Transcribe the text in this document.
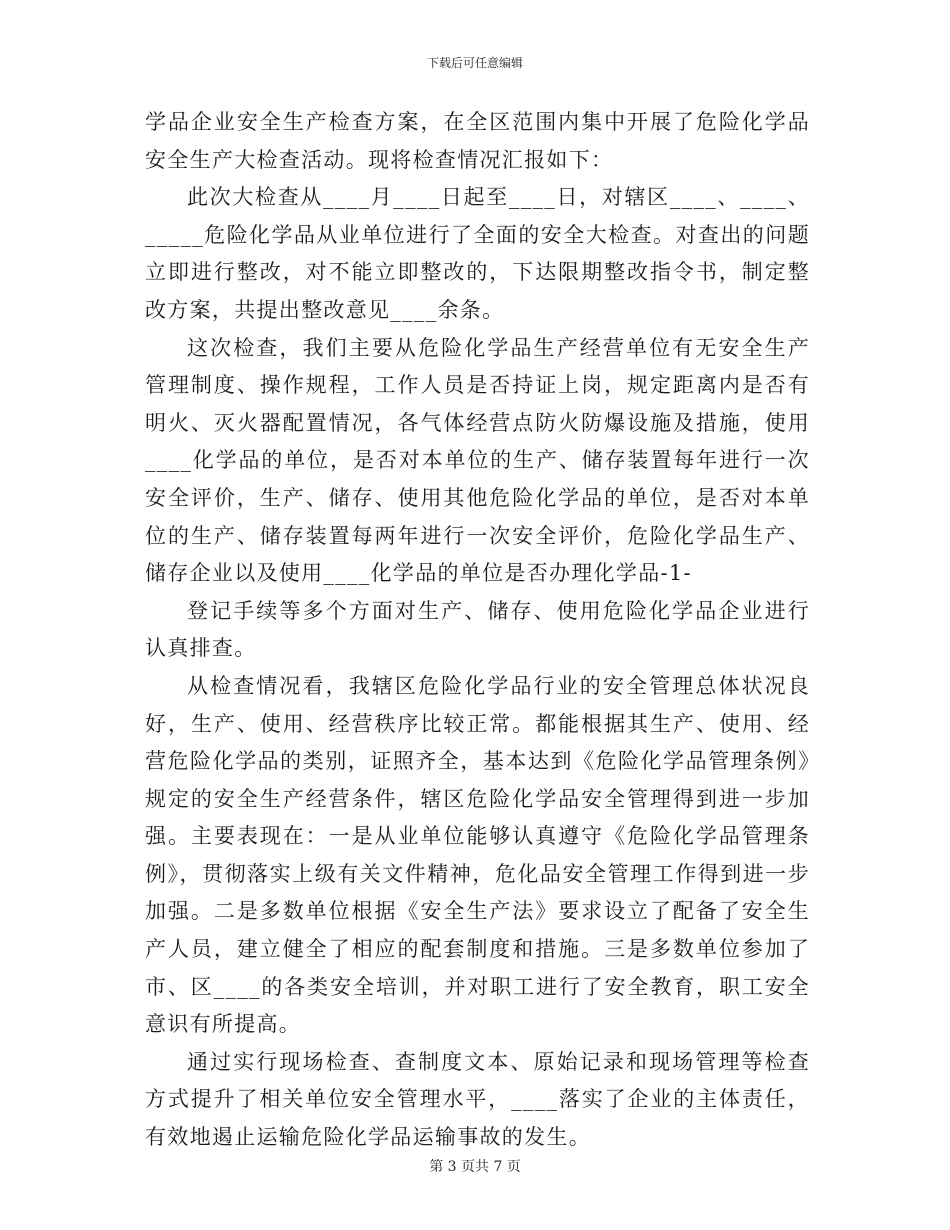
下载后可任意编辑

学品企业安全生产检查方案，在全区范围内集中开展了危险化学品安全生产大检查活动。现将检查情况汇报如下：

此次大检查从____月____日起至____日，对辖区____、____、_____危险化学品从业单位进行了全面的安全大检查。对查出的问题立即进行整改，对不能立即整改的，下达限期整改指令书，制定整改方案，共提出整改意见____余条。

这次检查，我们主要从危险化学品生产经营单位有无安全生产管理制度、操作规程，工作人员是否持证上岗，规定距离内是否有明火、灭火器配置情况，各气体经营点防火防爆设施及措施，使用____化学品的单位，是否对本单位的生产、储存装置每年进行一次安全评价，生产、储存、使用其他危险化学品的单位，是否对本单位的生产、储存装置每两年进行一次安全评价，危险化学品生产、储存企业以及使用____化学品的单位是否办理化学品-1-

登记手续等多个方面对生产、储存、使用危险化学品企业进行认真排查。

从检查情况看，我辖区危险化学品行业的安全管理总体状况良好，生产、使用、经营秩序比较正常。都能根据其生产、使用、经营危险化学品的类别，证照齐全，基本达到《危险化学品管理条例》规定的安全生产经营条件，辖区危险化学品安全管理得到进一步加强。主要表现在：一是从业单位能够认真遵守《危险化学品管理条例》，贯彻落实上级有关文件精神，危化品安全管理工作得到进一步加强。二是多数单位根据《安全生产法》要求设立了配备了安全生产人员，建立健全了相应的配套制度和措施。三是多数单位参加了市、区____的各类安全培训，并对职工进行了安全教育，职工安全意识有所提高。

通过实行现场检查、查制度文本、原始记录和现场管理等检查方式提升了相关单位安全管理水平，____落实了企业的主体责任，有效地遏止运输危险化学品运输事故的发生。

第 3 页共 7 页
